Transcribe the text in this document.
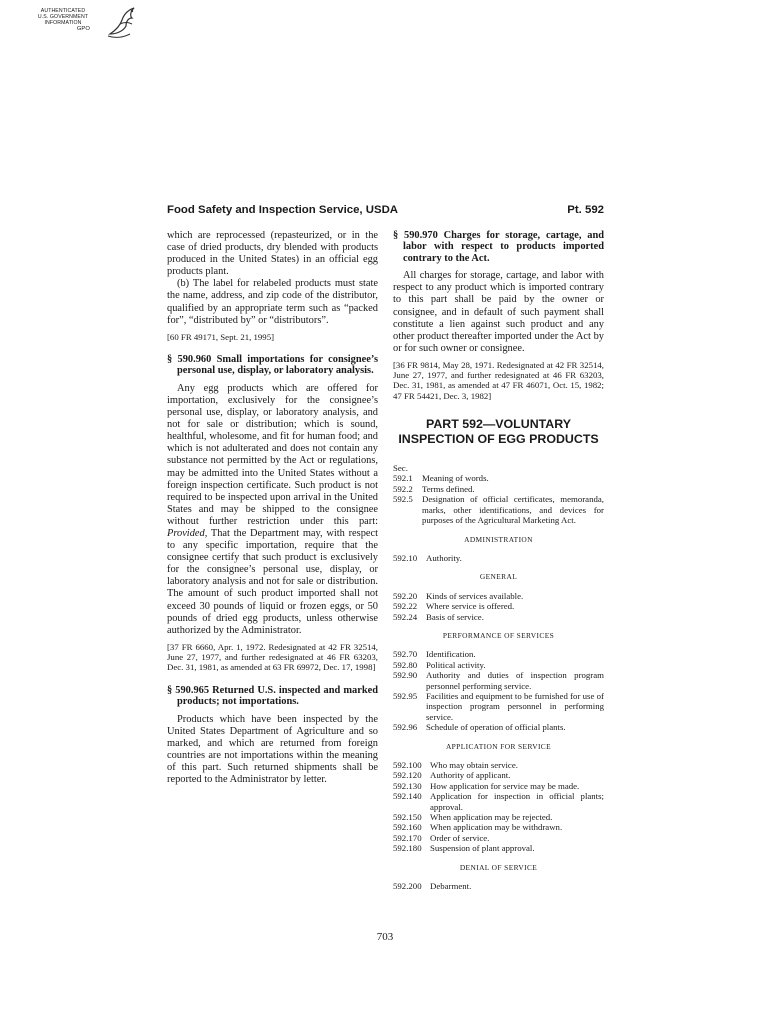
AUTHENTICATED
U.S. GOVERNMENT
INFORMATION
GPO
Food Safety and Inspection Service, USDA	Pt. 592

which are reprocessed (repasteurized, or in the case of dried products, dry blended with products produced in the United States) in an official egg products plant.

(b) The label for relabeled products must state the name, address, and zip code of the distributor, qualified by an appropriate term such as “packed for”, “distributed by” or “distributors”.

[60 FR 49171, Sept. 21, 1995]

§ 590.960 Small importations for consignee’s personal use, display, or laboratory analysis.

Any egg products which are offered for importation, exclusively for the consignee’s personal use, display, or laboratory analysis, and not for sale or distribution; which is sound, healthful, wholesome, and fit for human food; and which is not adulterated and does not contain any substance not permitted by the Act or regulations, may be admitted into the United States without a foreign inspection certificate. Such product is not required to be inspected upon arrival in the United States and may be shipped to the consignee without further restriction under this part: Provided, That the Department may, with respect to any specific importation, require that the consignee certify that such product is exclusively for the consignee’s personal use, display, or laboratory analysis and not for sale or distribution. The amount of such product imported shall not exceed 30 pounds of liquid or frozen eggs, or 50 pounds of dried egg products, unless otherwise authorized by the Administrator.

[37 FR 6660, Apr. 1, 1972. Redesignated at 42 FR 32514, June 27, 1977, and further redesignated at 46 FR 63203, Dec. 31, 1981, as amended at 63 FR 69972, Dec. 17, 1998]

§ 590.965 Returned U.S. inspected and marked products; not importations.

Products which have been inspected by the United States Department of Agriculture and so marked, and which are returned from foreign countries are not importations within the meaning of this part. Such returned shipments shall be reported to the Administrator by letter.

§ 590.970 Charges for storage, cartage, and labor with respect to products imported contrary to the Act.

All charges for storage, cartage, and labor with respect to any product which is imported contrary to this part shall be paid by the owner or consignee, and in default of such payment shall constitute a lien against such product and any other product thereafter imported under the Act by or for such owner or consignee.

[36 FR 9814, May 28, 1971. Redesignated at 42 FR 32514, June 27, 1977, and further redesignated at 46 FR 63203, Dec. 31, 1981, as amended at 47 FR 46071, Oct. 15, 1982; 47 FR 54421, Dec. 3, 1982]

PART 592—VOLUNTARY
INSPECTION OF EGG PRODUCTS
Sec.
592.1	Meaning of words.
592.2	Terms defined.
592.5	Designation of official certificates, memoranda, marks, other identifications, and devices for purposes of the Agricultural Marketing Act.
ADMINISTRATION
592.10 Authority.
GENERAL
592.20 Kinds of services available.
592.22 Where service is offered.
592.24 Basis of service.
PERFORMANCE OF SERVICES
592.70 Identification.
592.80 Political activity.
592.90 Authority and duties of inspection program personnel performing service.
592.95 Facilities and equipment to be furnished for use of inspection program personnel in performing service.
592.96 Schedule of operation of official plants.
APPLICATION FOR SERVICE
592.100 Who may obtain service.
592.120 Authority of applicant.
592.130 How application for service may be made.
592.140 Application for inspection in official plants; approval.
592.150 When application may be rejected.
592.160 When application may be withdrawn.
592.170 Order of service.
592.180 Suspension of plant approval.
DENIAL OF SERVICE
592.200 Debarment.
703
